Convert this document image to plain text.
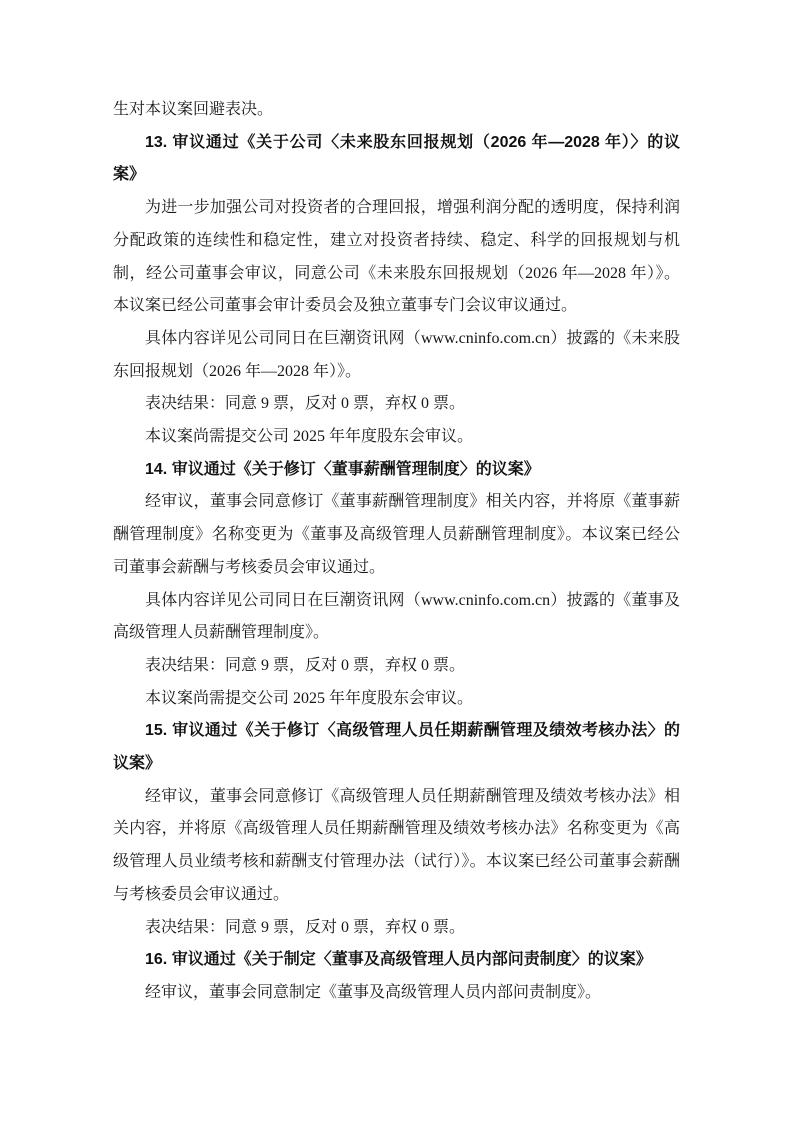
生对本议案回避表决。

13. 审议通过《关于公司〈未来股东回报规划（2026 年—2028 年）〉的议案》

为进一步加强公司对投资者的合理回报，增强利润分配的透明度，保持利润分配政策的连续性和稳定性，建立对投资者持续、稳定、科学的回报规划与机制，经公司董事会审议，同意公司《未来股东回报规划（2026 年—2028 年）》。本议案已经公司董事会审计委员会及独立董事专门会议审议通过。

具体内容详见公司同日在巨潮资讯网（www.cninfo.com.cn）披露的《未来股东回报规划（2026 年—2028 年）》。

表决结果：同意 9 票，反对 0 票，弃权 0 票。

本议案尚需提交公司 2025 年年度股东会审议。

14. 审议通过《关于修订〈董事薪酬管理制度〉的议案》

经审议，董事会同意修订《董事薪酬管理制度》相关内容，并将原《董事薪酬管理制度》名称变更为《董事及高级管理人员薪酬管理制度》。本议案已经公司董事会薪酬与考核委员会审议通过。

具体内容详见公司同日在巨潮资讯网（www.cninfo.com.cn）披露的《董事及高级管理人员薪酬管理制度》。

表决结果：同意 9 票，反对 0 票，弃权 0 票。

本议案尚需提交公司 2025 年年度股东会审议。

15. 审议通过《关于修订〈高级管理人员任期薪酬管理及绩效考核办法〉的议案》

经审议，董事会同意修订《高级管理人员任期薪酬管理及绩效考核办法》相关内容，并将原《高级管理人员任期薪酬管理及绩效考核办法》名称变更为《高级管理人员业绩考核和薪酬支付管理办法（试行）》。本议案已经公司董事会薪酬与考核委员会审议通过。

表决结果：同意 9 票，反对 0 票，弃权 0 票。

16. 审议通过《关于制定〈董事及高级管理人员内部问责制度〉的议案》

经审议，董事会同意制定《董事及高级管理人员内部问责制度》。
